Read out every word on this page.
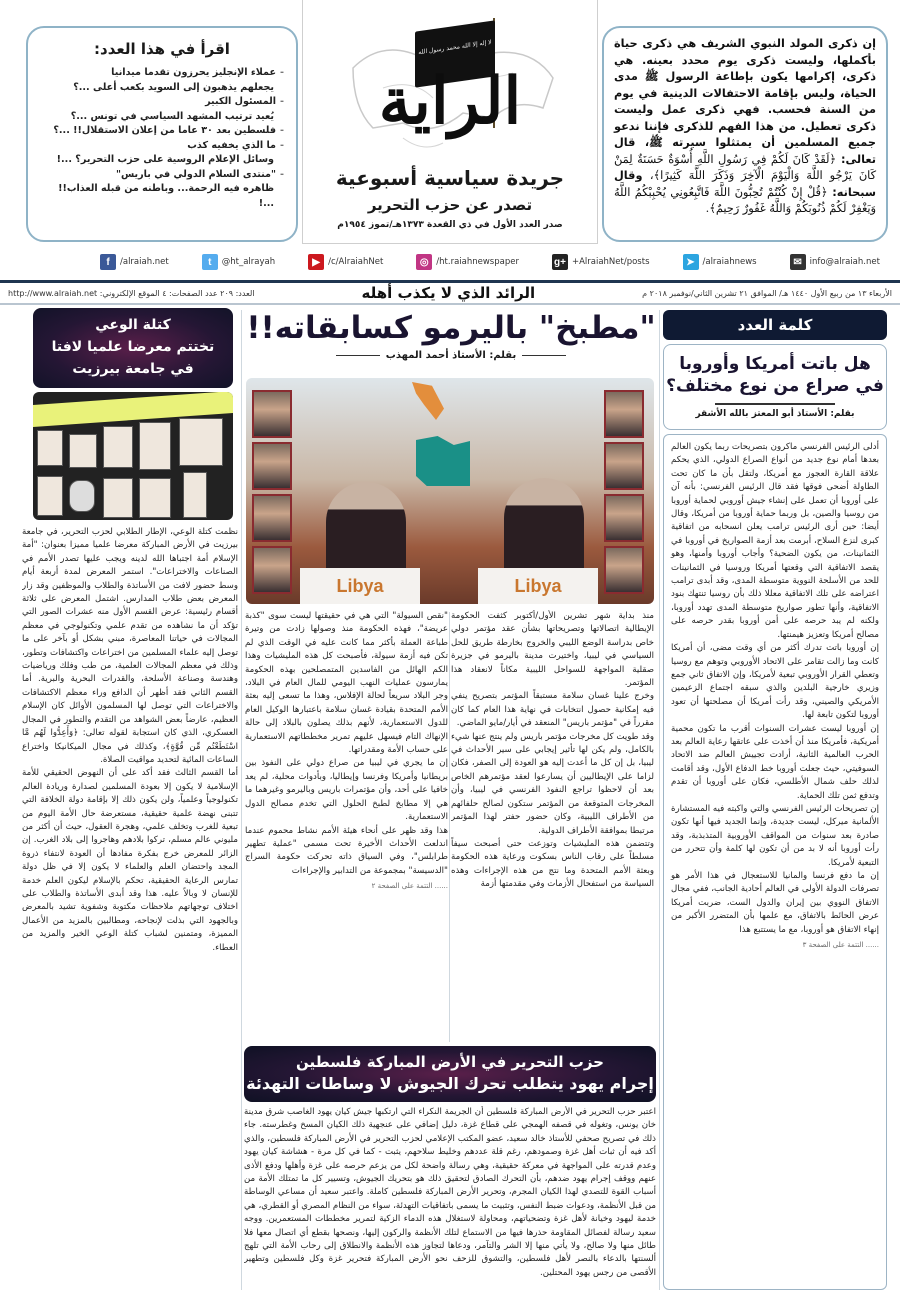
إن ذكرى المولد النبوي الشريف هي ذكرى حياة بأكملها، وليست ذكرى يوم محدد بعينه. هي ذكرى، إكرامها يكون بإطاعة الرسول ﷺ مدى الحياة، وليس بإقامة الاحتفالات الدينية في يوم من السنة فحسب. فهي ذكرى عمل وليست ذكرى تعطيل. من هذا الفهم للذكرى فإننا ندعو جميع المسلمين أن يمتثلوا سيرته ﷺ، قال تعالى: ﴿لَقَدْ كَانَ لَكُمْ فِي رَسُولِ اللَّهِ أُسْوَةٌ حَسَنَةٌ لِمَنْ كَانَ يَرْجُو اللَّهَ وَالْيَوْمَ الْآخِرَ وَذَكَرَ اللَّهَ كَثِيرًا﴾، وقال سبحانه: ﴿قُلْ إِنْ كُنْتُمْ تُحِبُّونَ اللَّهَ فَاتَّبِعُونِي يُحْبِبْكُمُ اللَّهُ وَيَغْفِرْ لَكُمْ ذُنُوبَكُمْ وَاللَّهُ غَفُورٌ رَحِيمٌ﴾.

لا إله إلا الله محمد رسول الله
الراية
جريدة سياسية أسبوعية
تصدر عن حزب التحرير
صدر العدد الأول في ذي القعدة ١٣٧٣هـ/تموز ١٩٥٤م
اقرأ في هذا العدد:
-عملاء الإنجليز يحرزون تقدما ميدانيا
يجعلهم يذهبون إلى السويد بكعب أعلى ...؟
-المسئول الكبير
يُعيد ترتيب المشهد السياسي في تونس ...؟
-فلسطين بعد ٣٠ عاما من إعلان الاستقلال!! ...؟
-ما الذي يخفيه كذب
وسائل الإعلام الروسية على حزب التحرير؟ ...!
-"منتدى السلام الدولي في باريس"
ظاهره فيه الرحمة... وباطنه من قبله العذاب!! ...!
✉ info@alraiah.net
➤ /alraiahnews
g+ +AlraiahNet/posts
◎ /ht.raiahnewspaper
▶ /c/AlraiahNet
t	@ht_alrayah
f	/alraiah.net
الأربعاء ١٣ من ربيع الأول ١٤٤٠ هـ/ الموافق ٢١ تشرين الثاني/نوفمبر ٢٠١٨ م
الرائد الذي لا يكذب أهله
العدد: ٢٠٩ عدد الصفحات: ٤ الموقع الإلكتروني: http://www.alraiah.net
كلمة العدد
هل باتت أمريكا وأوروبا في صراع من نوع مختلف؟
بقلم: الأستاذ أبو المعتز بالله الأشقر

أدلى الرئيس الفرنسي ماكرون بتصريحات ربما يكون العالم بعدها أمام نوع جديد من أنواع الصراع الدولي، الذي يحكم علاقة القارة العجوز مع أمريكا، ولتقل بأن ما كان تحت الطاولة أضحى فوقها فقد قال الرئيس الفرنسي: بأنه آن على أوروبا أن تعمل على إنشاء جيش أوروبي لحماية أوروبا من روسيا والصين، بل وربما حماية أوروبا من أمريكا، وقال أيضا: حين أرى الرئيس ترامب يعلن انسحابه من اتفاقية كبرى لنزع السلاح، أبرمت بعد أزمة الصواريخ في أوروبا في الثمانينات، من يكون الضحية؟ وأجاب أوروبا وأمنها، وهو يقصد الاتفاقية التي وقعتها أمريكا وروسيا في الثمانينات للحد من الأسلحة النووية متوسطة المدى، وقد أبدى ترامب اعتراضه على تلك الاتفاقية معللا ذلك بأن روسيا تنتهك بنود الاتفاقية، وأنها تطور صواريخ متوسطة المدى تهدد أوروبا، ولكنه لم يبد حرصه على أمن أوروبا بقدر حرصه على مصالح أمريكا وتعزيز هيمنتها.

إن أوروبا باتت تدرك أكثر من أي وقت مضى، أن أمريكا كانت وما زالت تقامر على الاتحاد الأوروبي وتوهم مع روسيا وتعطي القرار الأوروبي تبعية لأمريكا، وإن الاتفاق ثاني جمع وزيري خارجية البلدين والذي سبقه اجتماع الزعيمين الأمريكي والصيني، وقد رأت أمريكا أن مصلحتها أن تعود أوروبا لتكون تابعة لها.

إن أوروبا ليست عشرات السنوات أقرب ما تكون محمية أمريكية، فأمريكا منذ أن أخذت على عاتقها رعاية العالم بعد الحرب العالمية الثانية، أرادت تجييش العالم ضد الاتحاد السوفيتي، حيث جعلت أوروبا خط الدفاع الأول، وقد أقامت لذلك حلف شمال الأطلسي، فكان على أوروبا أن تقدم وتدفع ثمن تلك الحماية.

إن تصريحات الرئيس الفرنسي والتي واكبته فيه المستشارة الألمانية ميركل، ليست جديدة، وإنما الجديد فيها أنها تكون صادرة بعد سنوات من المواقف الأوروبية المتذبذبة، وقد رأت أوروبا أنه لا بد من أن تكون لها كلمة وأن تتحرر من التبعية لأمريكا.

إن ما دفع فرنسا والمانيا للاستعجال في هذا الأمر هو تصرفات الدولة الأولى في العالم أحادية الجانب، ففي مجال الاتفاق النووي بين إيران والدول الست، ضربت أمريكا عرض الحائط بالاتفاق، مع علمها بأن المتضرر الأكبر من إنهاء الاتفاق هو أوروبا، مع ما يستتبع هذا

...... التتمة على الصفحة ٣
"مطبخ" باليرمو كسابقاته!!
بقلم: الأستاذ أحمد المهذب
Libya	Libya

منذ بداية شهر تشرين الأول/أكتوبر كثفت الحكومة الإيطالية اتصالاتها وتصريحاتها بشأن عقد مؤتمر دولي خاص بدراسة الوضع الليبي والخروج بخارطة طريق للحل السياسي في ليبيا، واختيرت مدينة باليرمو في جزيرة صقلية المواجهة للسواحل الليبية مكاناً لانعقاد هذا المؤتمر.

وخرج علينا غسان سلامة مستبقاً المؤتمر بتصريح ينفي فيه إمكانية حصول انتخابات في نهاية هذا العام كما كان مقرراً في "مؤتمر باريس" المنعقد في أيار/مايو الماضي.

وقد طويت كل مخرجات مؤتمر باريس ولم ينتج عنها شيء بالكامل، ولم يكن لها تأثير إيجابي على سير الأحداث في ليبيا، بل إن كل ما أعدت إليه هو العودة إلى الصفر، فكان لزاما على الإيطاليين أن يسارعوا لعقد مؤتمرهم الخاص بعد أن لاحظوا تراجع النفوذ الفرنسي في ليبيا، وأن المخرجات المتوقعة من المؤتمر ستكون لصالح حلفائهم من الأطراف الليبية، وكان حضور حفتر لهذا المؤتمر مرتبطا بموافقة الأطراف الدولية.

وتتضمن هذه المليشيات وتوزعت حتى أصبحت سيفاً مسلطاً على رقاب الناس بسكوت ورعاية هذه الحكومة وبعثة الأمم المتحدة وما نتج من هذه الإجراءات وهذه السياسة من استفحال الأزمات وفي مقدمتها أزمة

"نقص السيولة" التي هي في حقيقتها ليست سوى "كذبة عريضة"، فهذه الحكومة منذ وصولها زادت من وتيرة طباعة العملة بأكثر مما كانت عليه في الوقت الذي لم تكن فيه أزمة سيولة، فأصبحت كل هذه المليشيات وهذا الكم الهائل من الفاسدين المتمصلحين بهذه الحكومة يمارسون عمليات النهب اليومي للمال العام في البلاد، وجر البلاد سريعاً لحالة الإفلاس، وهذا ما تسعى إليه بعثة الأمم المتحدة بقيادة غسان سلامة باعتبارها الوكيل العام للدول الاستعمارية، لأنهم بذلك يصلون بالبلاد إلى حالة الإنهاك التام فيسهل عليهم تمرير مخططاتهم الاستعمارية على حساب الأمة ومقدراتها.

إن ما يجري في ليبيا من صراع دولي على النفوذ بين بريطانيا وأمريكا وفرنسا وإيطاليا، وبأدوات محلية، لم يعد خافيا على أحد، وأن مؤتمرات باريس وباليرمو وغيرهما ما هي إلا مطابخ لطبخ الحلول التي تخدم مصالح الدول الاستعمارية.

هذا وقد ظهر على أنحاء هيئة الأمم نشاط محموم عندما اندلعت الأحداث الأخيرة تحت مسمى "عملية تطهير طرابلس"، وفي السياق ذاته تحركت حكومة السراج "الدسيسة" بمجموعة من التدابير والإجراءات

...... التتمة على الصفحة ٢
حزب التحرير في الأرض المباركة فلسطين
إجرام يهود يتطلب تحرك الجيوش لا وساطات التهدئة
اعتبر حزب التحرير في الأرض المباركة فلسطين أن الجريمة النكراء التي ارتكبها جيش كيان يهود الغاصب شرق مدينة خان يونس، وتغوله في قصفه الهمجي على قطاع غزة، دليل إضافي على عنجهية ذلك الكيان المسخ وغطرسته. جاء ذلك في تصريح صحفي للأستاذ خالد سعيد، عضو المكتب الإعلامي لحزب التحرير في الأرض المباركة فلسطين، والذي أكد فيه أن ثبات أهل غزة وصمودهم، رغم قلة عددهم وخليط سلاحهم، يثبت - كما في كل مرة - هشاشة كيان يهود وعدم قدرته على المواجهة في معركة حقيقية، وهي رسالة واضحة لكل من يزعم حرصه على غزة وأهلها ودفع الأذى عنهم ووقف إجرام يهود ضدهم، بأن التحرك الصادق لتحقيق ذلك هو بتحريك الجيوش، وتسيير كل ما تمتلك الأمة من أسباب القوة للتصدي لهذا الكيان المجرم، وتحرير الأرض المباركة فلسطين كاملة. واعتبر سعيد أن مساعي الوساطة من قبل الأنظمة، ودعوات ضبط النفس، وتثبيت ما يسمى باتفاقيات التهدئة، سواء من النظام المصري أو القطري، هي خدمة ليهود وخيانة لأهل غزة وتضحياتهم، ومحاولة لاستغلال هذه الدماء الزكية لتمرير مخططات المستعمرين. ووجه سعيد رسالة لفصائل المقاومة حذرها فيها من الاستماع لتلك الأنظمة والركون إليها، ونصحها بقطع أي اتصال معها فلا طائل منها ولا صالح، ولا يأتي منها إلا الشر والتآمر، ودعاها لتجاوز هذه الأنظمة والانطلاق إلى رحاب الأمة التي تلهج ألسنتها بالدعاء بالنصر لأهل فلسطين، والتشوق للزحف نحو الأرض المباركة فتحرير غزة وكل فلسطين وتطهير الأقصى من رجس يهود المحتلين.
كتلة الوعي
تختتم معرضا علميا لافتا
في جامعة بيرزيت

نظمت كتلة الوعي، الإطار الطلابي لحزب التحرير، في جامعة بيرزيت في الأرض المباركة معرضا علميا مميزا بعنوان: "أمة الإسلام أمة اجتباها الله لدينه ويجب عليها تصدر الأمم في الصناعات والاختراعات". استمر المعرض لمدة أربعة أيام وسط حضور لافت من الأساتذة والطلاب والموظفين وقد زار المعرض بعض طلاب المدارس. اشتمل المعرض على ثلاثة أقسام رئيسية: عرض القسم الأول منه عشرات الصور التي تؤكد أن ما نشاهده من تقدم علمي وتكنولوجي في معظم المجالات في حياتنا المعاصرة، مبني بشكل أو بآخر على ما توصل إليه علماء المسلمين من اختراعات واكتشافات وتطور، وذلك في معظم المجالات العلمية، من طب وفلك ورياضيات وهندسة وصناعة الأسلحة، والقدرات البحرية والبرية. أما القسم الثاني فقد أظهر أن الدافع وراء معظم الاكتشافات والاختراعات التي توصل لها المسلمون الأوائل كان الإسلام العظيم، عارضاً بعض الشواهد من التقدم والتطور في المجال العسكري، الذي كان استجابة لقوله تعالى: ﴿وَأَعِدُّوا لَهُم مَّا اسْتَطَعْتُم مِّن قُوَّةٍ﴾، وكذلك في مجال الميكانيكا واختراع الساعات المائية لتحديد مواقيت الصلاة.

أما القسم الثالث فقد أكد على أن النهوض الحقيقي للأمة الإسلامية لا يكون إلا بعودة المسلمين لصدارة وريادة العالم تكنولوجياً وعلمياً، ولن يكون ذلك إلا بإقامة دولة الخلافة التي تتبنى نهضة علمية حقيقية، مستعرضة حال الأمة اليوم من تبعية للغرب وتخلف علمي، وهجرة العقول، حيث أن أكثر من مليوني عالم مسلم، تركوا بلادهم وهاجروا إلى بلاد الغرب. إن الزائر للمعرض خرج بفكرة مفادها أن العودة لانتفاء ذروة المجد واحتضان العلم والعلماء لا يكون إلا في ظل دولة تمارس الرعاية الحقيقية، تحكم بالإسلام ليكون العلم خدمة للإنسان لا وبالاً عليه. هذا وقد أبدى الأساتذة والطلاب على اختلاف توجهاتهم ملاحظات مكتوبة وشفوية تشيد بالمعرض وبالجهود التي بذلت لإنجاحه، ومطالبين بالمزيد من الأعمال المميزة، ومتمنين لشباب كتلة الوعي الخير والمزيد من العطاء.
